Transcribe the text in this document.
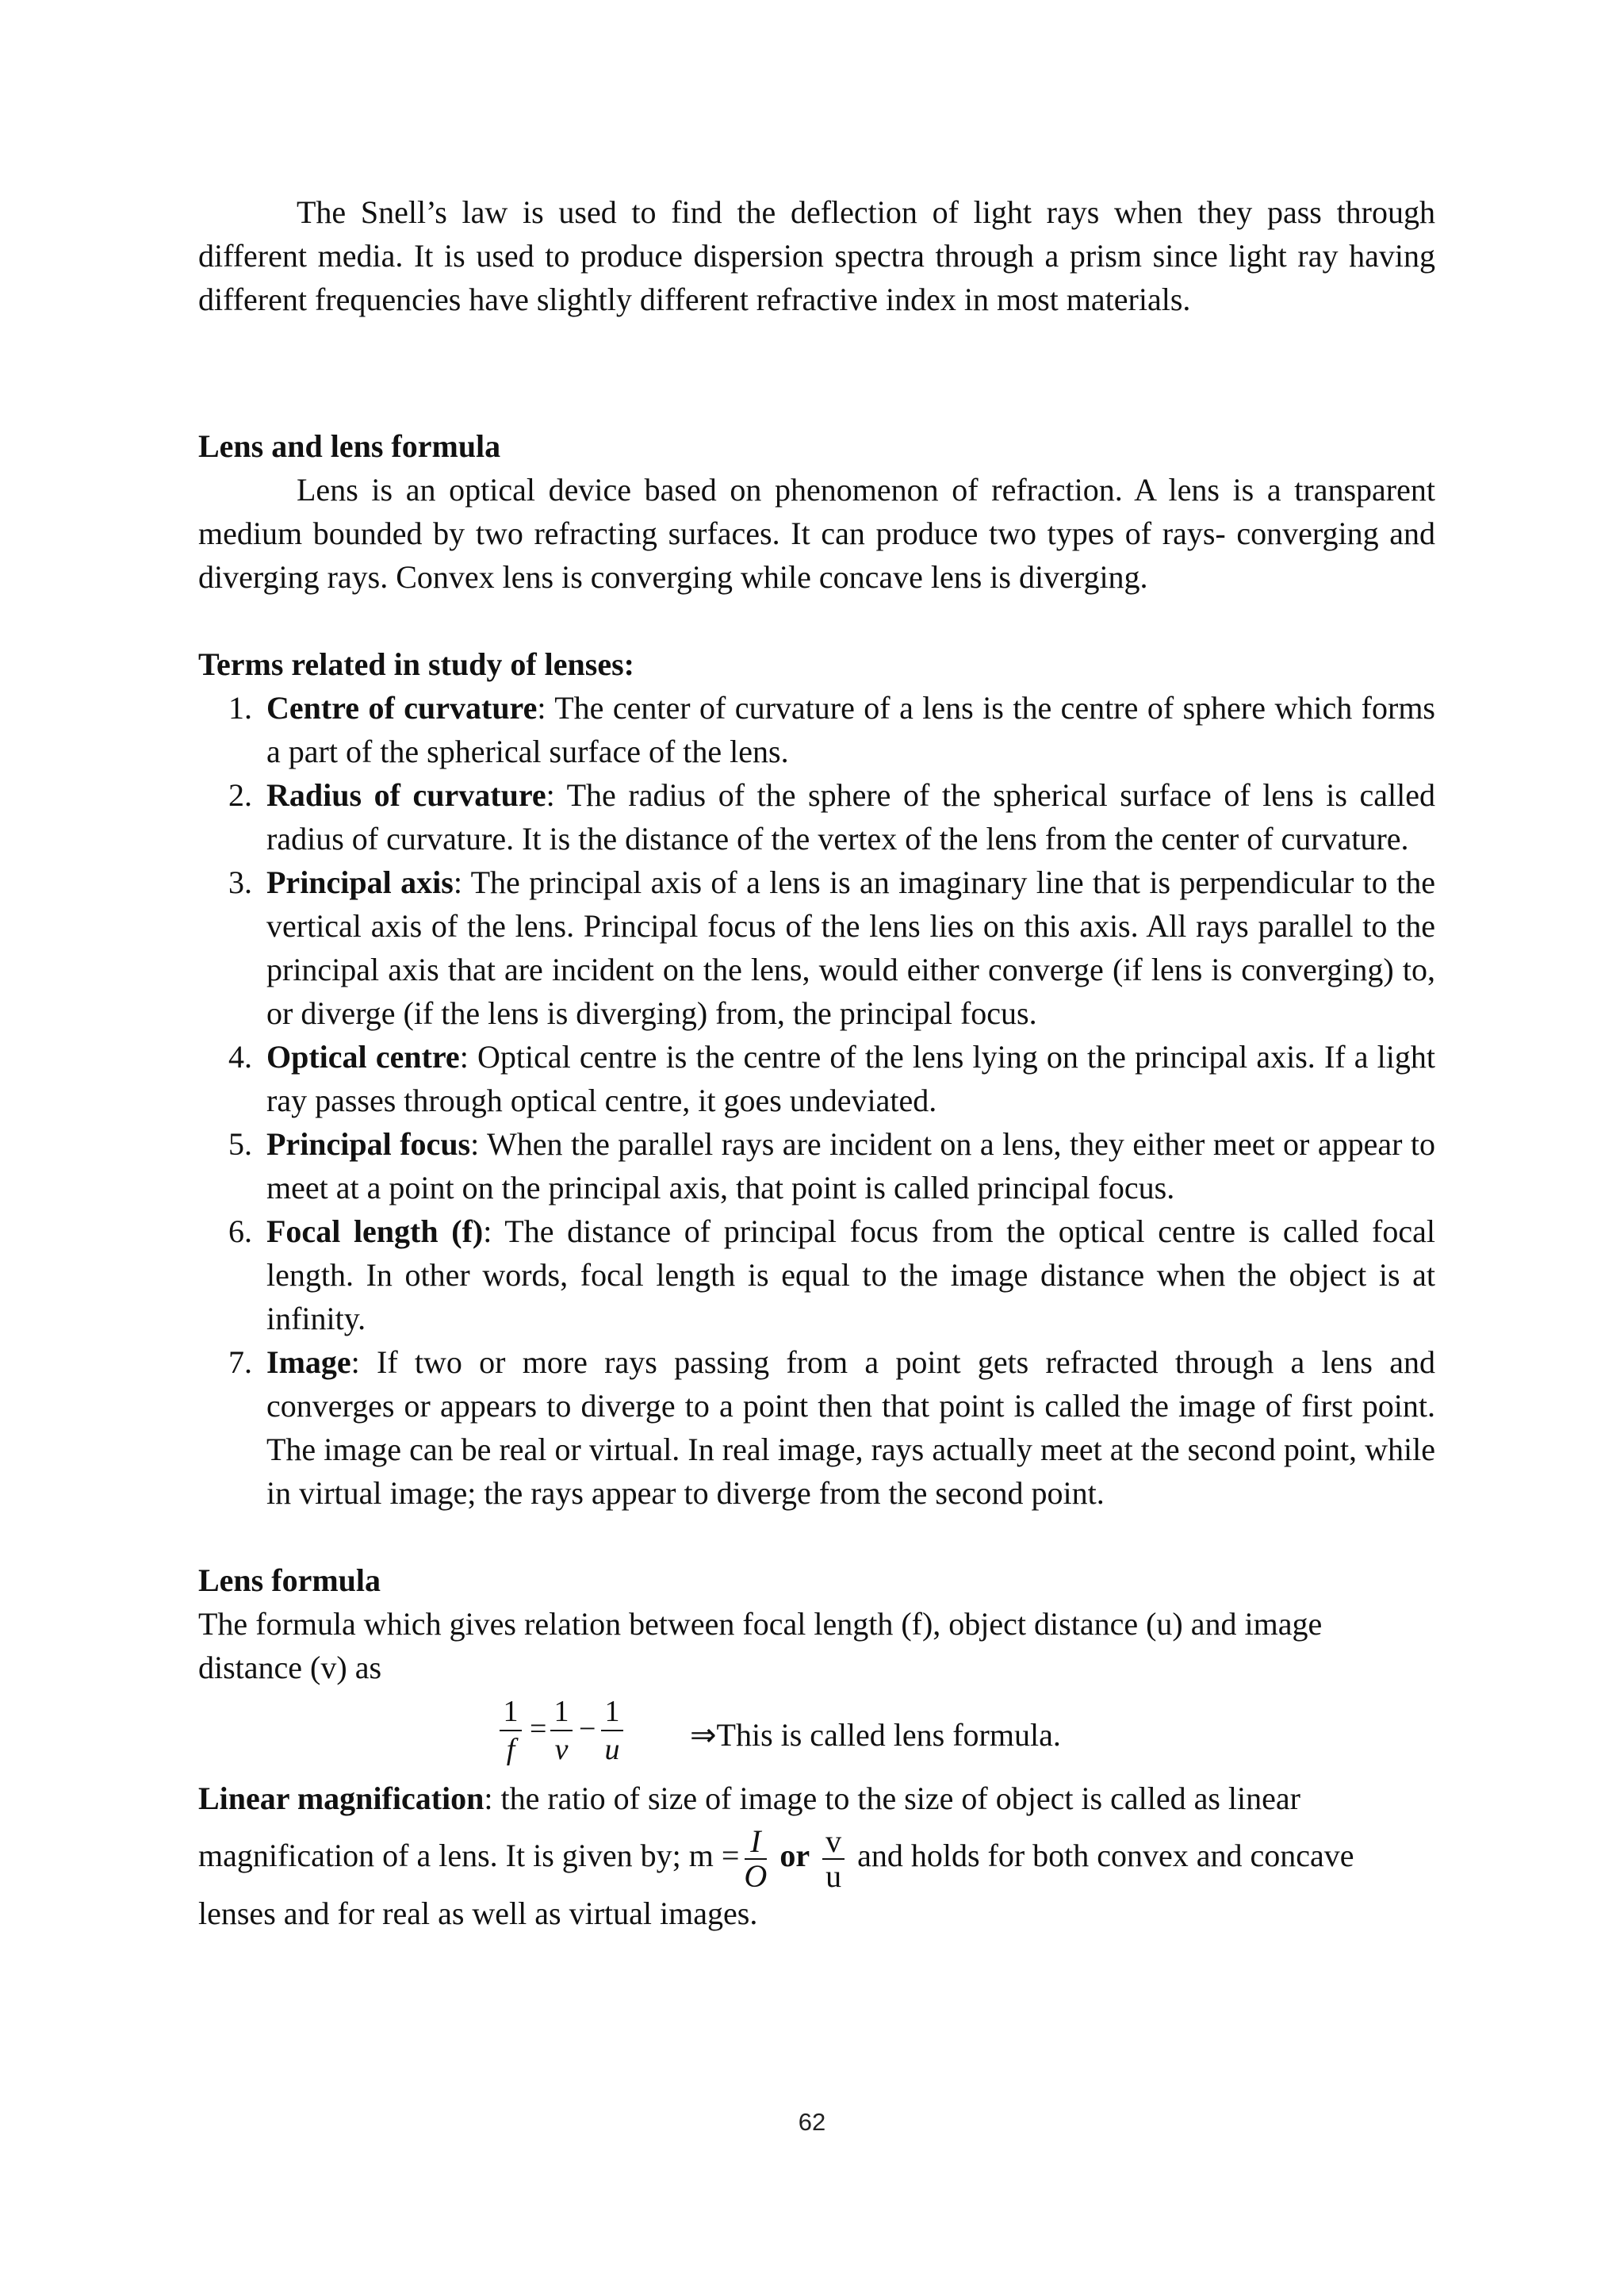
The Snell’s law is used to find the deflection of light rays when they pass through different media. It is used to produce dispersion spectra through a prism since light ray having different frequencies have slightly different refractive index in most materials.

Lens and lens formula

Lens is an optical device based on phenomenon of refraction. A lens is a transparent medium bounded by two refracting surfaces. It can produce two types of rays- converging and diverging rays. Convex lens is converging while concave lens is diverging.

Terms related in study of lenses:

1. Centre of curvature: The center of curvature of a lens is the centre of sphere which forms a part of the spherical surface of the lens.
2. Radius of curvature: The radius of the sphere of the spherical surface of lens is called radius of curvature. It is the distance of the vertex of the lens from the center of curvature.
3. Principal axis: The principal axis of a lens is an imaginary line that is perpendicular to the vertical axis of the lens. Principal focus of the lens lies on this axis. All rays parallel to the principal axis that are incident on the lens, would either converge (if lens is converging) to, or diverge (if the lens is diverging) from, the principal focus.
4. Optical centre: Optical centre is the centre of the lens lying on the principal axis. If a light ray passes through optical centre, it goes undeviated.
5. Principal focus: When the parallel rays are incident on a lens, they either meet or appear to meet at a point on the principal axis, that point is called principal focus.
6. Focal length (f): The distance of principal focus from the optical centre is called focal length. In other words, focal length is equal to the image distance when the object is at infinity.
7. Image: If two or more rays passing from a point gets refracted through a lens and converges or appears to diverge to a point then that point is called the image of first point. The image can be real or virtual. In real image, rays actually meet at the second point, while in virtual image; the rays appear to diverge from the second point.

Lens formula

The formula which gives relation between focal length (f), object distance (u) and image

distance (v) as

1
f
=
1
v
−
1
u ⇒This is called lens formula.

Linear magnification: the ratio of size of image to the size of object is called as linear

magnification of a lens. It is given by; $m = \frac{I}{O}$ or $\frac{v}{u}$ and holds for both convex and concave

lenses and for real as well as virtual images.

62
